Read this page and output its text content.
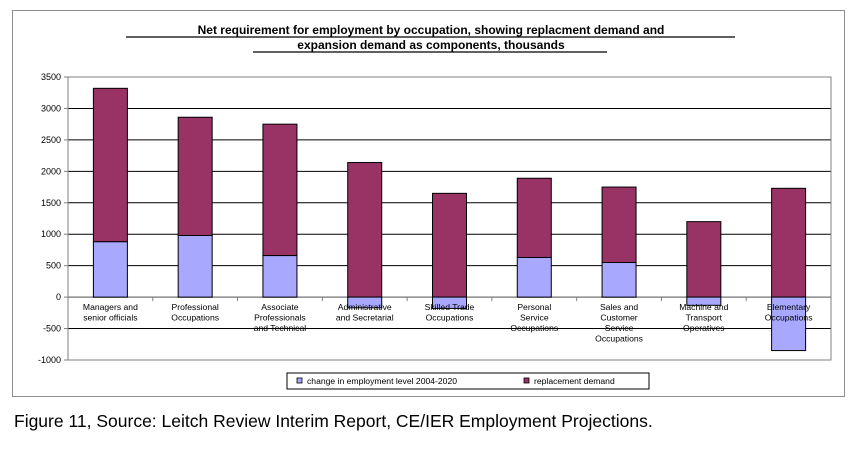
Net requirement for employment by occupation, showing replacment demand and
expansion demand as components, thousands
-1000
-500
0
500
1000
1500
2000
2500
3000
3500
Managers and senior officials
Professional Occupations
Associate Professionals and Technical
Administrative and Secretarial
Skilled Trade Occupations
Personal Service Occupations
Sales and Customer Service Occupations
Machine and Transport Operatives
Elementary Occupations
change in employment level 2004-2020	replacement demand
Figure 11, Source: Leitch Review Interim Report, CE/IER Employment Projections.
